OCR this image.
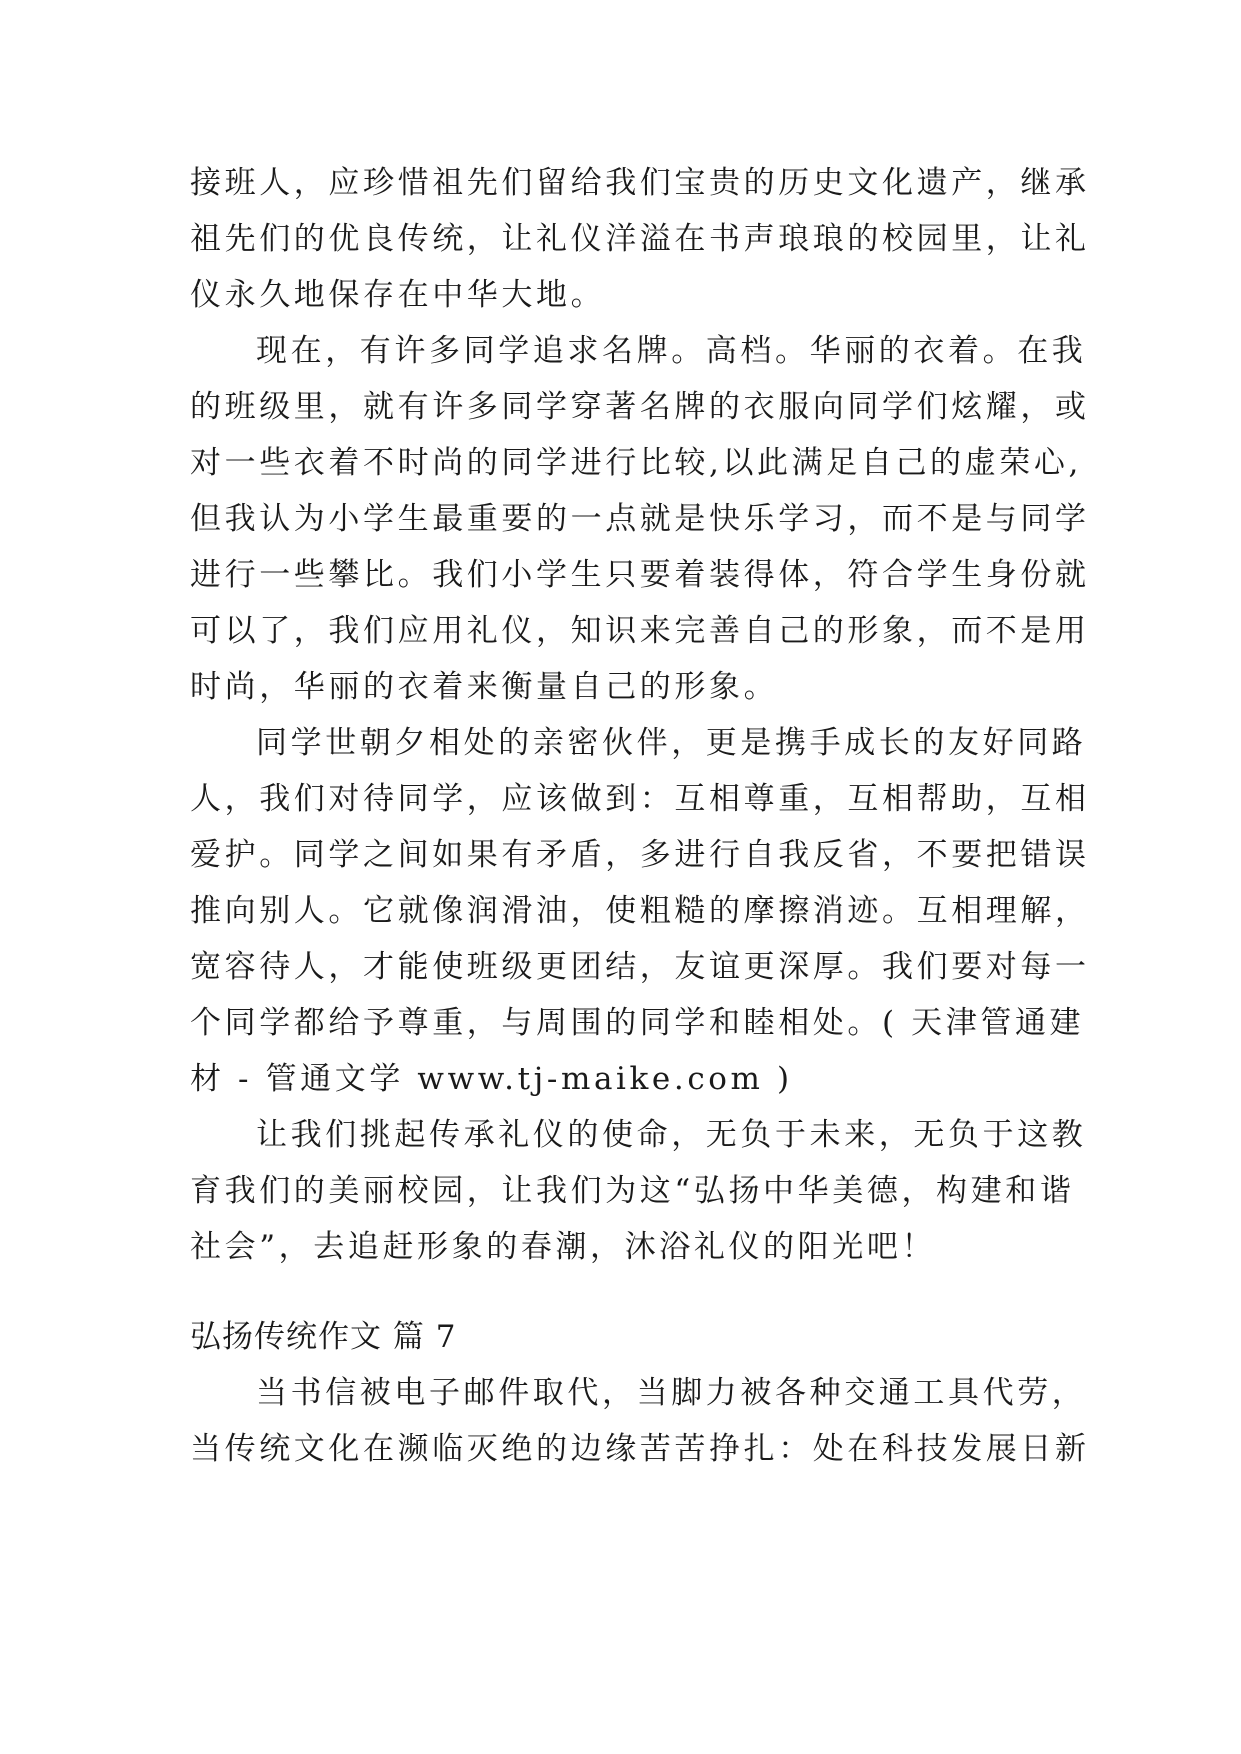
接班人，应珍惜祖先们留给我们宝贵的历史文化遗产，继承
祖先们的优良传统，让礼仪洋溢在书声琅琅的校园里，让礼
仪永久地保存在中华大地。
现在，有许多同学追求名牌。高档。华丽的衣着。在我
的班级里，就有许多同学穿著名牌的衣服向同学们炫耀，或
对一些衣着不时尚的同学进行比较,以此满足自己的虚荣心,
但我认为小学生最重要的一点就是快乐学习，而不是与同学
进行一些攀比。我们小学生只要着装得体，符合学生身份就
可以了，我们应用礼仪，知识来完善自己的形象，而不是用
时尚，华丽的衣着来衡量自己的形象。
同学世朝夕相处的亲密伙伴，更是携手成长的友好同路
人，我们对待同学，应该做到：互相尊重，互相帮助，互相
爱护。同学之间如果有矛盾，多进行自我反省，不要把错误
推向别人。它就像润滑油，使粗糙的摩擦消迹。互相理解，
宽容待人，才能使班级更团结，友谊更深厚。我们要对每一
个同学都给予尊重，与周围的同学和睦相处。( 天津管通建
材 - 管通文学 www.tj-maike.com )
让我们挑起传承礼仪的使命，无负于未来，无负于这教
育我们的美丽校园，让我们为这“弘扬中华美德，构建和谐
社会”，去追赶形象的春潮，沐浴礼仪的阳光吧！
弘扬传统作文 篇 7
当书信被电子邮件取代，当脚力被各种交通工具代劳，
当传统文化在濒临灭绝的边缘苦苦挣扎：处在科技发展日新
